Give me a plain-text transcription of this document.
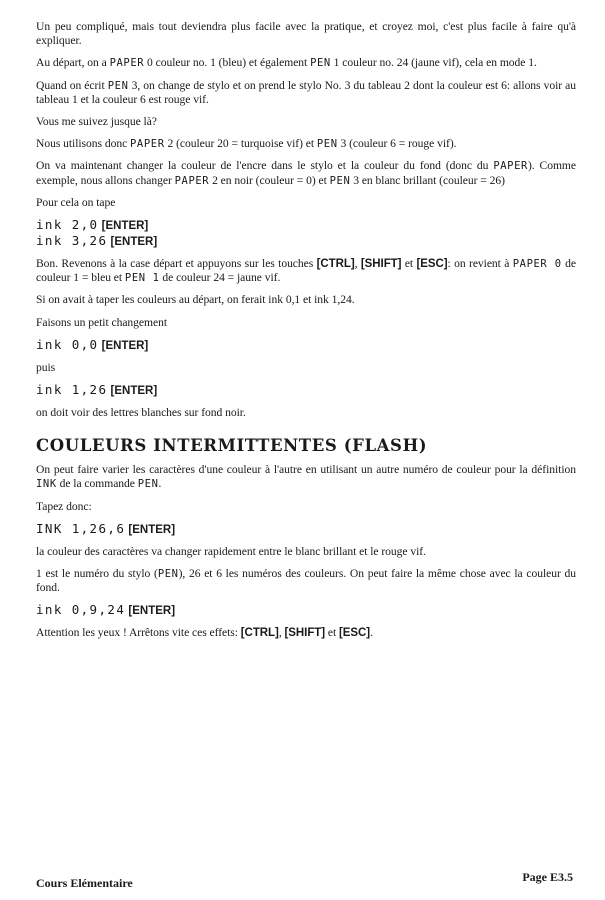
Un peu compliqué, mais tout deviendra plus facile avec la pratique, et croyez moi, c'est plus facile à faire qu'à expliquer.

Au départ, on a PAPER 0 couleur no. 1 (bleu) et également PEN 1 couleur no. 24 (jaune vif), cela en mode 1.

Quand on écrit PEN 3, on change de stylo et on prend le stylo No. 3 du tableau 2 dont la couleur est 6: allons voir au tableau 1 et la couleur 6 est rouge vif.

Vous me suivez jusque là?

Nous utilisons donc PAPER 2 (couleur 20 = turquoise vif) et PEN 3 (couleur 6 = rouge vif).

On va maintenant changer la couleur de l'encre dans le stylo et la couleur du fond (donc du PAPER). Comme exemple, nous allons changer PAPER 2 en noir (couleur = 0) et PEN 3 en blanc brillant (couleur = 26)

Pour cela on tape

ink 2,0 [ENTER]
ink 3,26 [ENTER]

Bon. Revenons à la case départ et appuyons sur les touches [CTRL], [SHIFT] et [ESC]: on revient à PAPER 0 de couleur 1 = bleu et PEN 1 de couleur 24 = jaune vif.

Si on avait à taper les couleurs au départ, on ferait ink 0,1 et ink 1,24.

Faisons un petit changement

ink 0,0 [ENTER]

puis

ink 1,26 [ENTER]

on doit voir des lettres blanches sur fond noir.

COULEURS INTERMITTENTES (FLASH)

On peut faire varier les caractères d'une couleur à l'autre en utilisant un autre numéro de couleur pour la définition INK de la commande PEN.

Tapez donc:

INK 1,26,6 [ENTER]

la couleur des caractères va changer rapidement entre le blanc brillant et le rouge vif.

1 est le numéro du stylo (PEN), 26 et 6 les numéros des couleurs. On peut faire la même chose avec la couleur du fond.

ink 0,9,24 [ENTER]

Attention les yeux ! Arrêtons vite ces effets: [CTRL], [SHIFT] et [ESC].

Cours Elémentaire	Page E3.5
